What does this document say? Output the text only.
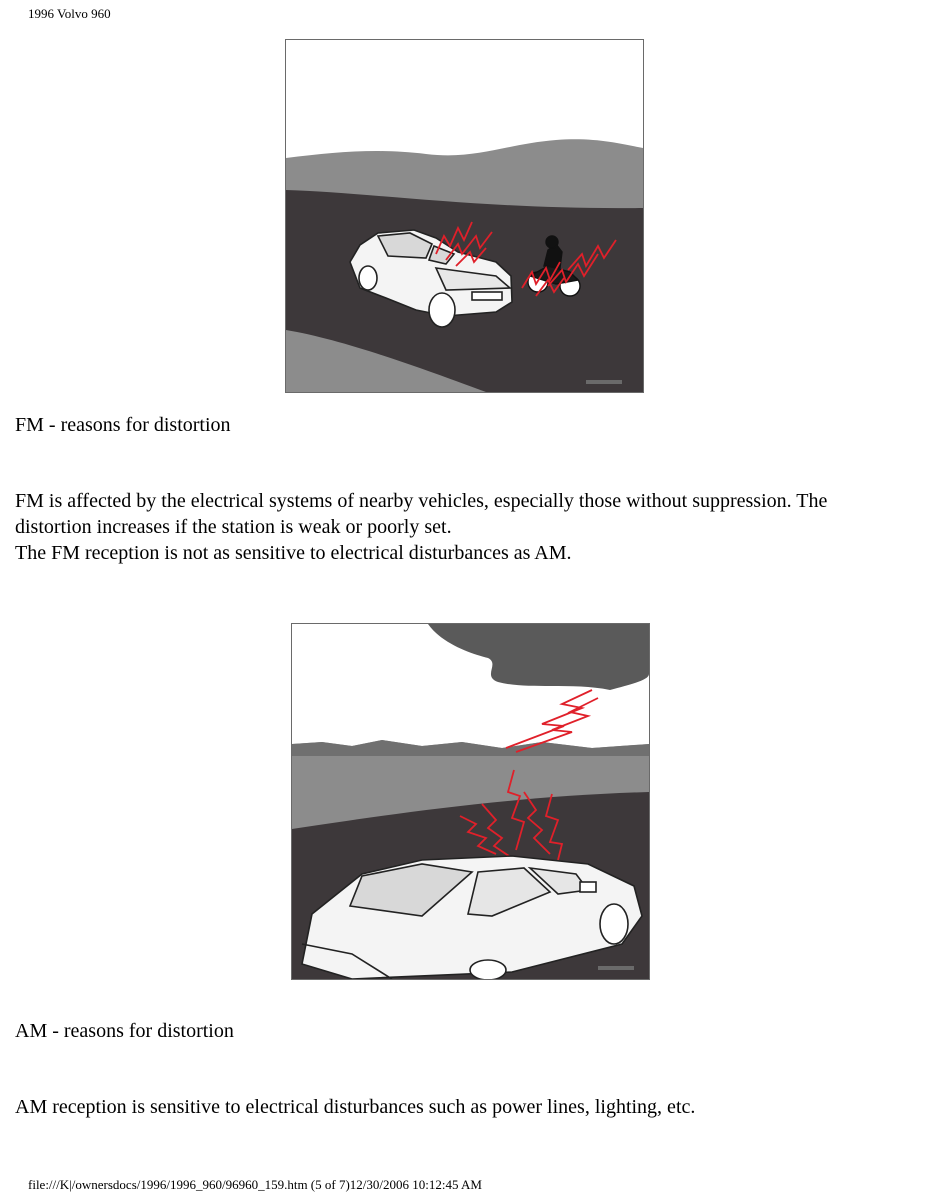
1996 Volvo 960

FM - reasons for distortion

FM is affected by the electrical systems of nearby vehicles, especially those without suppression. The distortion increases if the station is weak or poorly set.
The FM reception is not as sensitive to electrical disturbances as AM.

AM - reasons for distortion

AM reception is sensitive to electrical disturbances such as power lines, lighting, etc.

file:///K|/ownersdocs/1996/1996_960/96960_159.htm (5 of 7)12/30/2006 10:12:45 AM
